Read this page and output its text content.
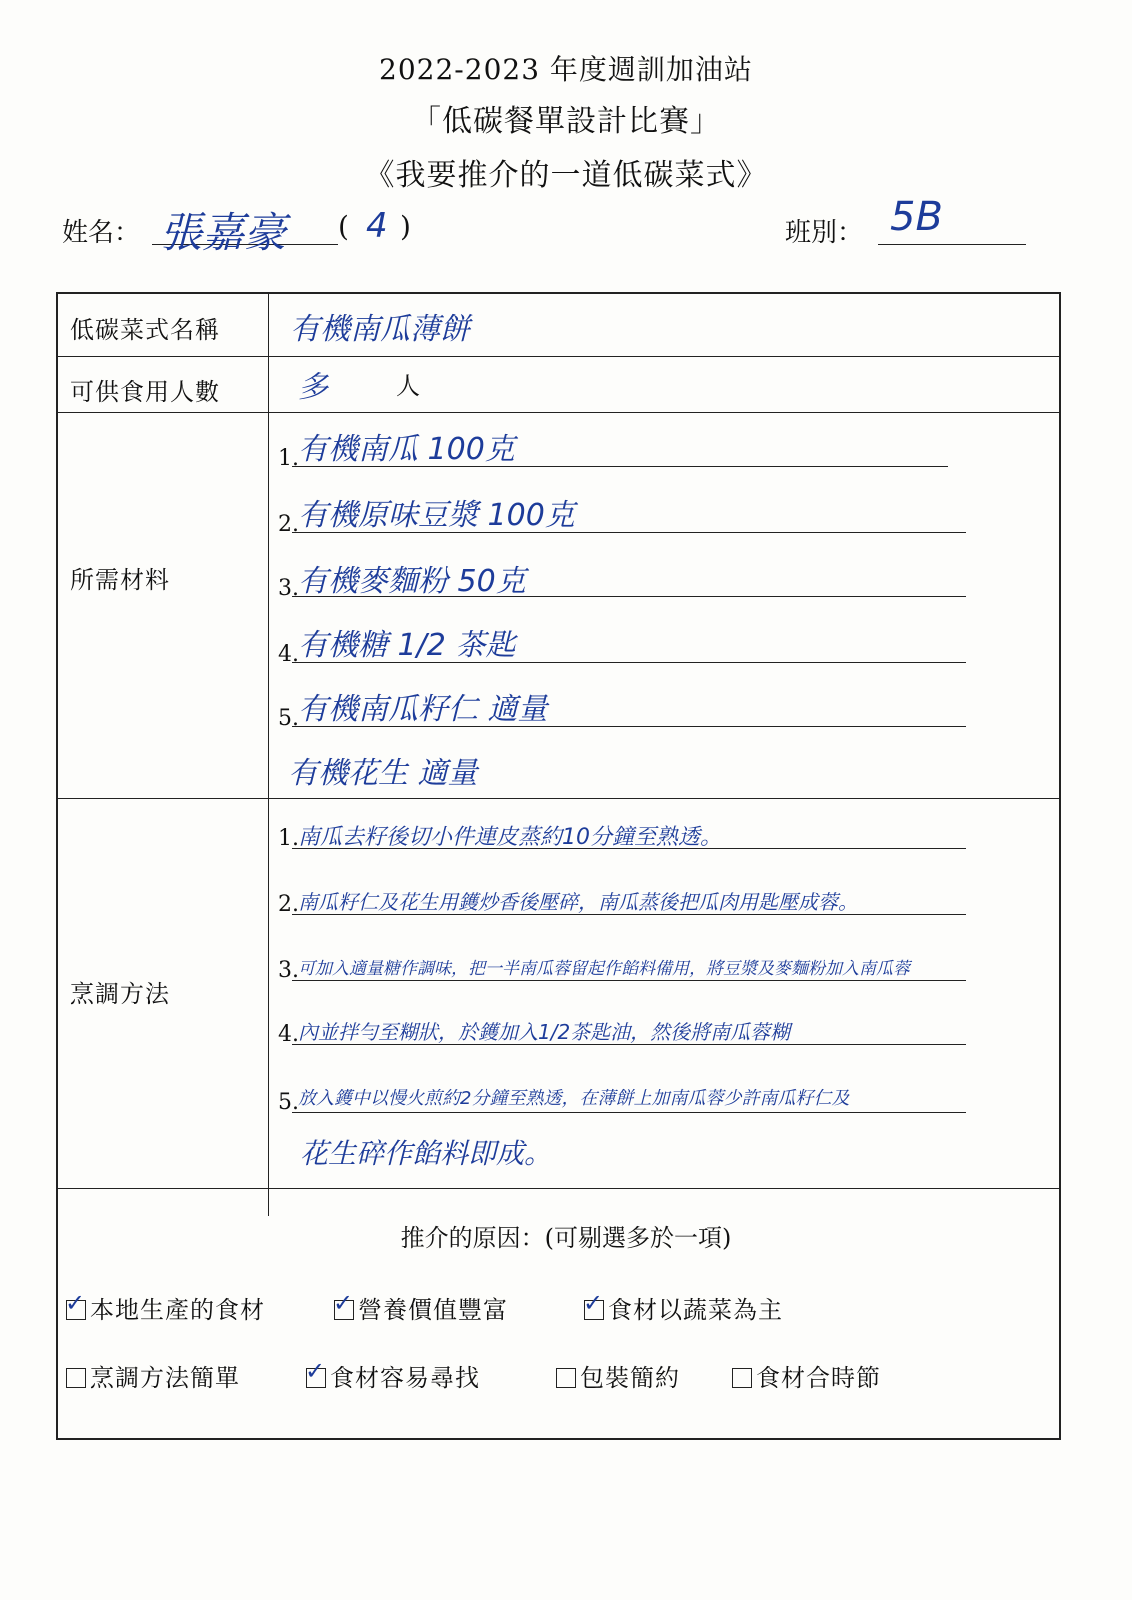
2022-2023 年度週訓加油站
「低碳餐單設計比賽」
《我要推介的一道低碳菜式》
姓名： 張嘉豪 ( 4 )	班別： 5B
低碳菜式名稱 有機南瓜薄餅
可供食用人數	多	人
所需材料
1. 有機南瓜 100克
2. 有機原味豆漿 100克
3. 有機麥麵粉 50克
4. 有機糖 1/2 茶匙
5. 有機南瓜籽仁 適量
有機花生 適量
烹調方法
1. 南瓜去籽後切小件連皮蒸約10分鐘至熟透。
2. 南瓜籽仁及花生用鑊炒香後壓碎，南瓜蒸後把瓜肉用匙壓成蓉。
3. 可加入適量糖作調味，把一半南瓜蓉留起作餡料備用，將豆漿及麥麵粉加入南瓜蓉
4. 內並拌勻至糊狀，於鑊加入1/2茶匙油，然後將南瓜蓉糊
5. 放入鑊中以慢火煎約2分鐘至熟透，在薄餅上加南瓜蓉少許南瓜籽仁及
花生碎作餡料即成。
推介的原因：(可剔選多於一項)
✓ 本地生產的食材	✓ 營養價值豐富	✓ 食材以蔬菜為主
烹調方法簡單	✓ 食材容易尋找	包裝簡約	食材合時節
